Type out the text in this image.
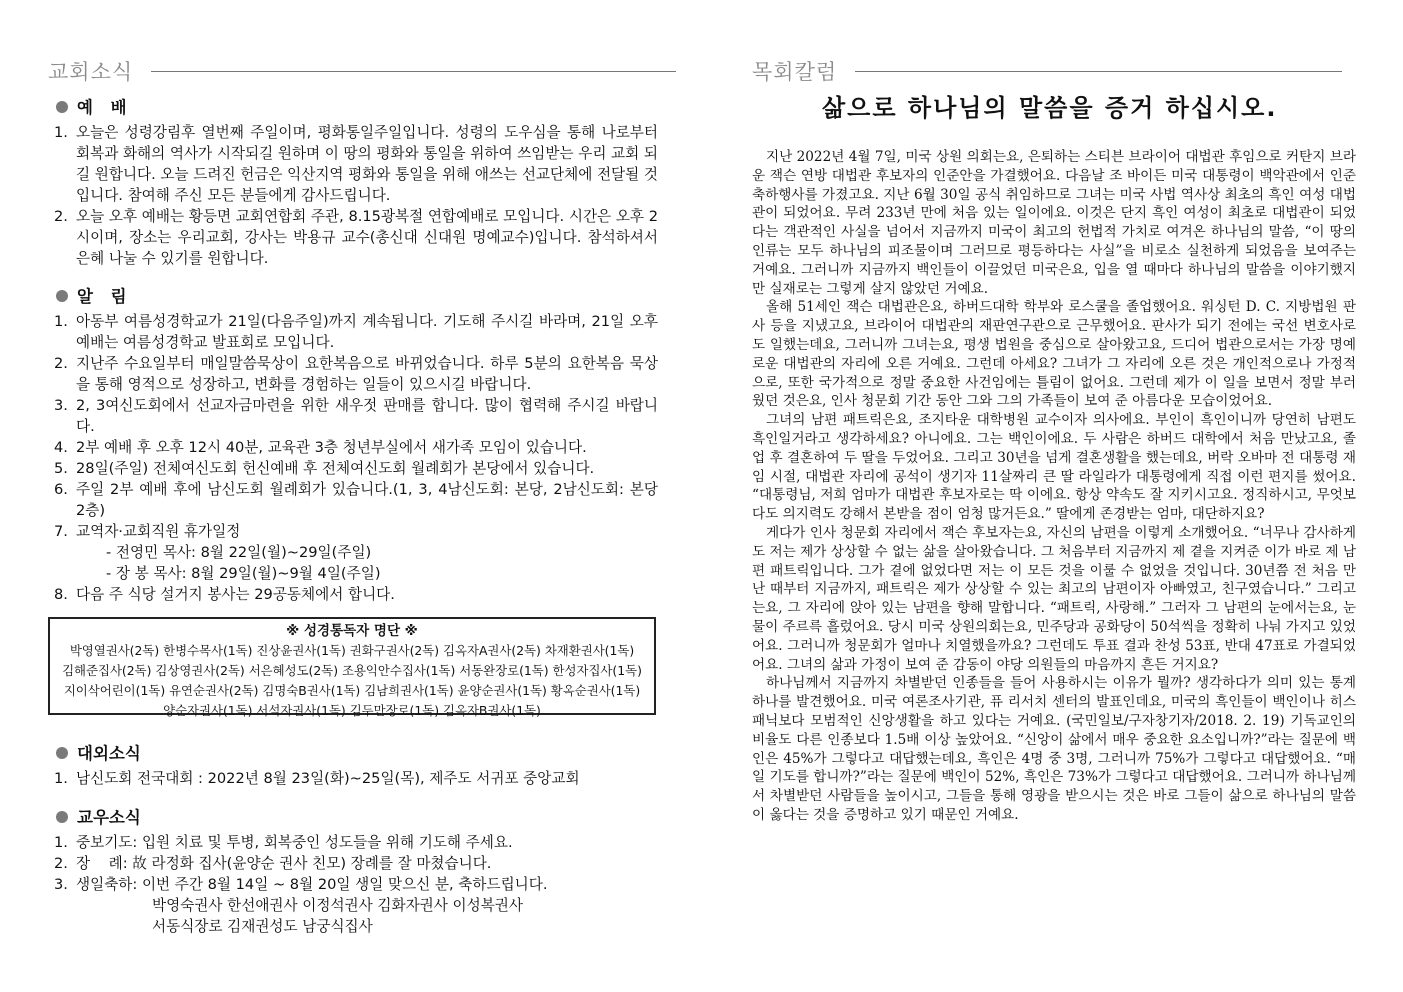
교회소식
예 배
1. 오늘은 성령강림후 열번째 주일이며, 평화통일주일입니다. 성령의 도우심을 통해 나로부터 회복과 화해의 역사가 시작되길 원하며 이 땅의 평화와 통일을 위하여 쓰임받는 우리 교회 되길 원합니다. 오늘 드려진 헌금은 익산지역 평화와 통일을 위해 애쓰는 선교단체에 전달될 것입니다. 참여해 주신 모든 분들에게 감사드립니다.
2. 오늘 오후 예배는 황등면 교회연합회 주관, 8.15광복절 연합예배로 모입니다. 시간은 오후 2시이며, 장소는 우리교회, 강사는 박용규 교수(총신대 신대원 명예교수)입니다. 참석하셔서 은혜 나눌 수 있기를 원합니다.
알 림
1. 아동부 여름성경학교가 21일(다음주일)까지 계속됩니다. 기도해 주시길 바라며, 21일 오후예배는 여름성경학교 발표회로 모입니다.
2. 지난주 수요일부터 매일말씀묵상이 요한복음으로 바뀌었습니다. 하루 5분의 요한복음 묵상을 통해 영적으로 성장하고, 변화를 경험하는 일들이 있으시길 바랍니다.
3. 2, 3여신도회에서 선교자금마련을 위한 새우젓 판매를 합니다. 많이 협력해 주시길 바랍니다.
4. 2부 예배 후 오후 12시 40분, 교육관 3층 청년부실에서 새가족 모임이 있습니다.
5. 28일(주일) 전체여신도회 헌신예배 후 전체여신도회 월례회가 본당에서 있습니다.
6. 주일 2부 예배 후에 남신도회 월례회가 있습니다.(1, 3, 4남신도회: 본당, 2남신도회: 본당 2층)
7. 교역자·교회직원 휴가일정
- 전영민 목사: 8월 22일(월)~29일(주일)
- 장 봉 목사: 8월 29일(월)~9월 4일(주일)
8. 다음 주 식당 설거지 봉사는 29공동체에서 합니다.
※ 성경통독자 명단 ※
박영열권사(2독) 한병수목사(1독) 진상윤권사(1독) 권화구권사(2독) 김옥자A권사(2독) 차재환권사(1독)
김해준집사(2독) 김상영권사(2독) 서은혜성도(2독) 조용익안수집사(1독) 서동완장로(1독) 한성자집사(1독)
지이삭어린이(1독) 유연순권사(2독) 김명숙B권사(1독) 김남희권사(1독) 윤양순권사(1독) 황옥순권사(1독)
양순자권사(1독) 서석자권사(1독) 김두만장로(1독) 김옥자B권사(1독)
대외소식
1. 남신도회 전국대회 : 2022년 8월 23일(화)~25일(목), 제주도 서귀포 중앙교회
교우소식
1. 중보기도: 입원 치료 및 투병, 회복중인 성도들을 위해 기도해 주세요.
2. 장    례: 故 라정화 집사(윤양순 권사 친모) 장례를 잘 마쳤습니다.
3. 생일축하: 이번 주간 8월 14일 ~ 8월 20일 생일 맞으신 분, 축하드립니다.
박영숙권사 한선애권사 이정석권사 김화자권사 이성복권사
서동식장로 김재권성도 남궁식집사
목회칼럼
삶으로 하나님의 말씀을 증거 하십시오.

지난 2022년 4월 7일, 미국 상원 의회는요, 은퇴하는 스티븐 브라이어 대법관 후임으로 커탄지 브라운 잭슨 연방 대법관 후보자의 인준안을 가결했어요. 다음날 조 바이든 미국 대통령이 백악관에서 인준 축하행사를 가졌고요. 지난 6월 30일 공식 취임하므로 그녀는 미국 사법 역사상 최초의 흑인 여성 대법관이 되었어요. 무려 233년 만에 처음 있는 일이에요. 이것은 단지 흑인 여성이 최초로 대법관이 되었다는 객관적인 사실을 넘어서 지금까지 미국이 최고의 헌법적 가치로 여겨온 하나님의 말씀, “이 땅의 인류는 모두 하나님의 피조물이며 그러므로 평등하다는 사실”을 비로소 실천하게 되었음을 보여주는 거예요. 그러니까 지금까지 백인들이 이끌었던 미국은요, 입을 열 때마다 하나님의 말씀을 이야기했지만 실재로는 그렇게 살지 않았던 거예요.

올해 51세인 잭슨 대법관은요, 하버드대학 학부와 로스쿨을 졸업했어요. 워싱턴 D. C. 지방법원 판사 등을 지냈고요, 브라이어 대법관의 재판연구관으로 근무했어요. 판사가 되기 전에는 국선 변호사로도 일했는데요, 그러니까 그녀는요, 평생 법원을 중심으로 살아왔고요, 드디어 법관으로서는 가장 명예로운 대법관의 자리에 오른 거예요. 그런데 아세요? 그녀가 그 자리에 오른 것은 개인적으로나 가정적으로, 또한 국가적으로 정말 중요한 사건임에는 틀림이 없어요. 그런데 제가 이 일을 보면서 정말 부러웠던 것은요, 인사 청문회 기간 동안 그와 그의 가족들이 보여 준 아름다운 모습이었어요.

그녀의 남편 패트릭은요, 조지타운 대학병원 교수이자 의사에요. 부인이 흑인이니까 당연히 남편도 흑인일거라고 생각하세요? 아니에요. 그는 백인이에요. 두 사람은 하버드 대학에서 처음 만났고요, 졸업 후 결혼하여 두 딸을 두었어요. 그리고 30년을 넘게 결혼생활을 했는데요, 버락 오바마 전 대통령 재임 시절, 대법관 자리에 공석이 생기자 11살짜리 큰 딸 라일라가 대통령에게 직접 이런 편지를 썼어요. “대통령님, 저희 엄마가 대법관 후보자로는 딱 이에요. 항상 약속도 잘 지키시고요. 정직하시고, 무엇보다도 의지력도 강해서 본받을 점이 엄청 많거든요.” 딸에게 존경받는 엄마, 대단하지요?

게다가 인사 청문회 자리에서 잭슨 후보자는요, 자신의 남편을 이렇게 소개했어요. “너무나 감사하게도 저는 제가 상상할 수 없는 삶을 살아왔습니다. 그 처음부터 지금까지 제 곁을 지켜준 이가 바로 제 남편 패트릭입니다. 그가 곁에 없었다면 저는 이 모든 것을 이룰 수 없었을 것입니다. 30년쯤 전 처음 만난 때부터 지금까지, 패트릭은 제가 상상할 수 있는 최고의 남편이자 아빠였고, 친구였습니다.” 그리고는요, 그 자리에 앉아 있는 남편을 향해 말합니다. “패트릭, 사랑해.” 그러자 그 남편의 눈에서는요, 눈물이 주르륵 흘렀어요. 당시 미국 상원의회는요, 민주당과 공화당이 50석씩을 정확히 나눠 가지고 있었어요. 그러니까 청문회가 얼마나 치열했을까요? 그런데도 투표 결과 찬성 53표, 반대 47표로 가결되었어요. 그녀의 삶과 가정이 보여 준 감동이 야당 의원들의 마음까지 흔든 거지요?

하나님께서 지금까지 차별받던 인종들을 들어 사용하시는 이유가 뭘까? 생각하다가 의미 있는 통계 하나를 발견했어요. 미국 여론조사기관, 퓨 리서치 센터의 발표인데요, 미국의 흑인들이 백인이나 히스패닉보다 모범적인 신앙생활을 하고 있다는 거예요. (국민일보/구자창기자/2018. 2. 19) 기독교인의 비율도 다른 인종보다 1.5배 이상 높았어요. “신앙이 삶에서 매우 중요한 요소입니까?”라는 질문에 백인은 45%가 그렇다고 대답했는데요, 흑인은 4명 중 3명, 그러니까 75%가 그렇다고 대답했어요. “매일 기도를 합니까?”라는 질문에 백인이 52%, 흑인은 73%가 그렇다고 대답했어요. 그러니까 하나님께서 차별받던 사람들을 높이시고, 그들을 통해 영광을 받으시는 것은 바로 그들이 삶으로 하나님의 말씀이 옳다는 것을 증명하고 있기 때문인 거예요.
